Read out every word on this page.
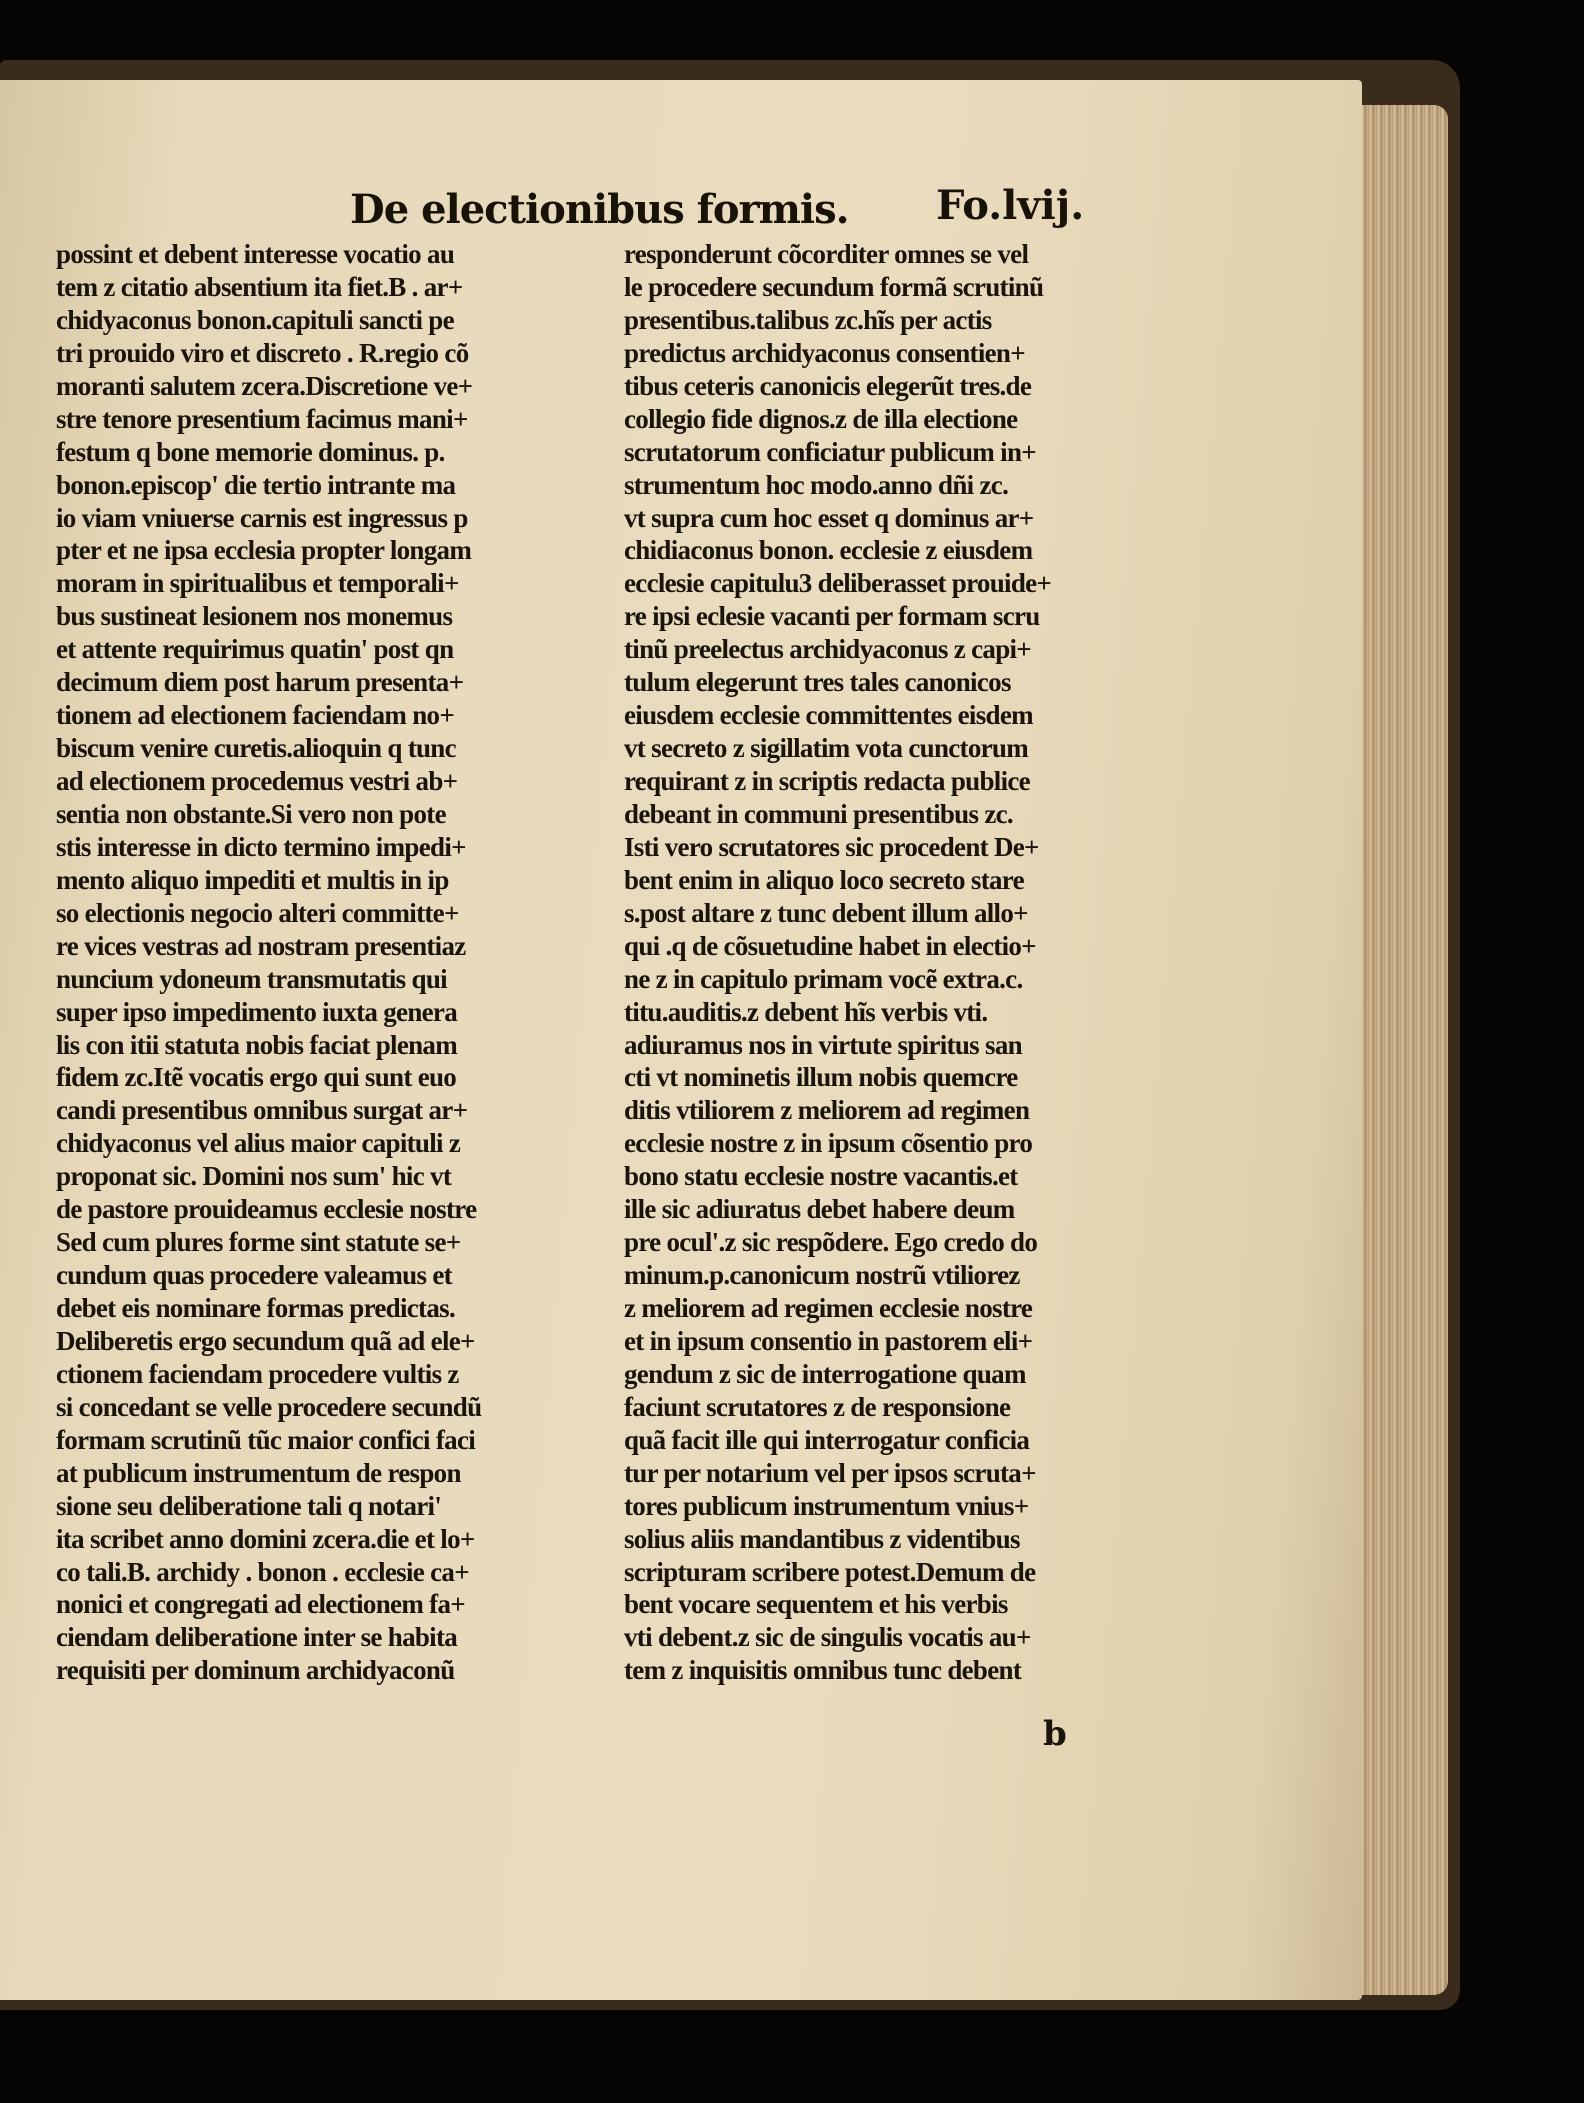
De electionibus formis. Fo.lvij.
possint et debent interesse vocatio au
tem z citatio absentium ita fiet.B . ar+
chidyaconus bonon.capituli sancti pe
tri prouido viro et discreto . R.regio cõ
moranti salutem zcera.Discretione ve+
stre tenore presentium facimus mani+
festum q bone memorie dominus. p.
bonon.episcop' die tertio intrante ma
io viam vniuerse carnis est ingressus p
pter et ne ipsa ecclesia propter longam
moram in spiritualibus et temporali+
bus sustineat lesionem nos monemus
et attente requirimus quatin' post qn
decimum diem post harum presenta+
tionem ad electionem faciendam no+
biscum venire curetis.alioquin q tunc
ad electionem procedemus vestri ab+
sentia non obstante.Si vero non pote
stis interesse in dicto termino impedi+
mento aliquo impediti et multis in ip
so electionis negocio alteri committe+
re vices vestras ad nostram presentiaz
nuncium ydoneum transmutatis qui
super ipso impedimento iuxta genera
lis con itii statuta nobis faciat plenam
fidem zc.Itẽ vocatis ergo qui sunt euo
candi presentibus omnibus surgat ar+
chidyaconus vel alius maior capituli z
proponat sic. Domini nos sum' hic vt
de pastore prouideamus ecclesie nostre
Sed cum plures forme sint statute se+
cundum quas procedere valeamus et
debet eis nominare formas predictas.
Deliberetis ergo secundum quã ad ele+
ctionem faciendam procedere vultis z
si concedant se velle procedere secundũ
formam scrutinũ tũc maior confici faci
at publicum instrumentum de respon
sione seu deliberatione tali q notari'
ita scribet anno domini zcera.die et lo+
co tali.B. archidy . bonon . ecclesie ca+
nonici et congregati ad electionem fa+
ciendam deliberatione inter se habita
requisiti per dominum archidyaconũ
responderunt cõcorditer omnes se vel
le procedere secundum formã scrutinũ
presentibus.talibus zc.hĩs per actis
predictus archidyaconus consentien+
tibus ceteris canonicis elegerũt tres.de
collegio fide dignos.z de illa electione
scrutatorum conficiatur publicum in+
strumentum hoc modo.anno dñi zc.
vt supra cum hoc esset q dominus ar+
chidiaconus bonon. ecclesie z eiusdem
ecclesie capitulu3 deliberasset prouide+
re ipsi eclesie vacanti per formam scru
tinũ preelectus archidyaconus z capi+
tulum elegerunt tres tales canonicos
eiusdem ecclesie committentes eisdem
vt secreto z sigillatim vota cunctorum
requirant z in scriptis redacta publice
debeant in communi presentibus zc.
Isti vero scrutatores sic procedent De+
bent enim in aliquo loco secreto stare
s.post altare z tunc debent illum allo+
qui .q de cõsuetudine habet in electio+
ne z in capitulo primam vocẽ extra.c.
titu.auditis.z debent hĩs verbis vti.
adiuramus nos in virtute spiritus san
cti vt nominetis illum nobis quemcre
ditis vtiliorem z meliorem ad regimen
ecclesie nostre z in ipsum cõsentio pro
bono statu ecclesie nostre vacantis.et
ille sic adiuratus debet habere deum
pre ocul'.z sic respõdere. Ego credo do
minum.p.canonicum nostrũ vtiliorez
z meliorem ad regimen ecclesie nostre
et in ipsum consentio in pastorem eli+
gendum z sic de interrogatione quam
faciunt scrutatores z de responsione
quã facit ille qui interrogatur conficia
tur per notarium vel per ipsos scruta+
tores publicum instrumentum vnius+
solius aliis mandantibus z videntibus
scripturam scribere potest.Demum de
bent vocare sequentem et his verbis
vti debent.z sic de singulis vocatis au+
tem z inquisitis omnibus tunc debent
b
